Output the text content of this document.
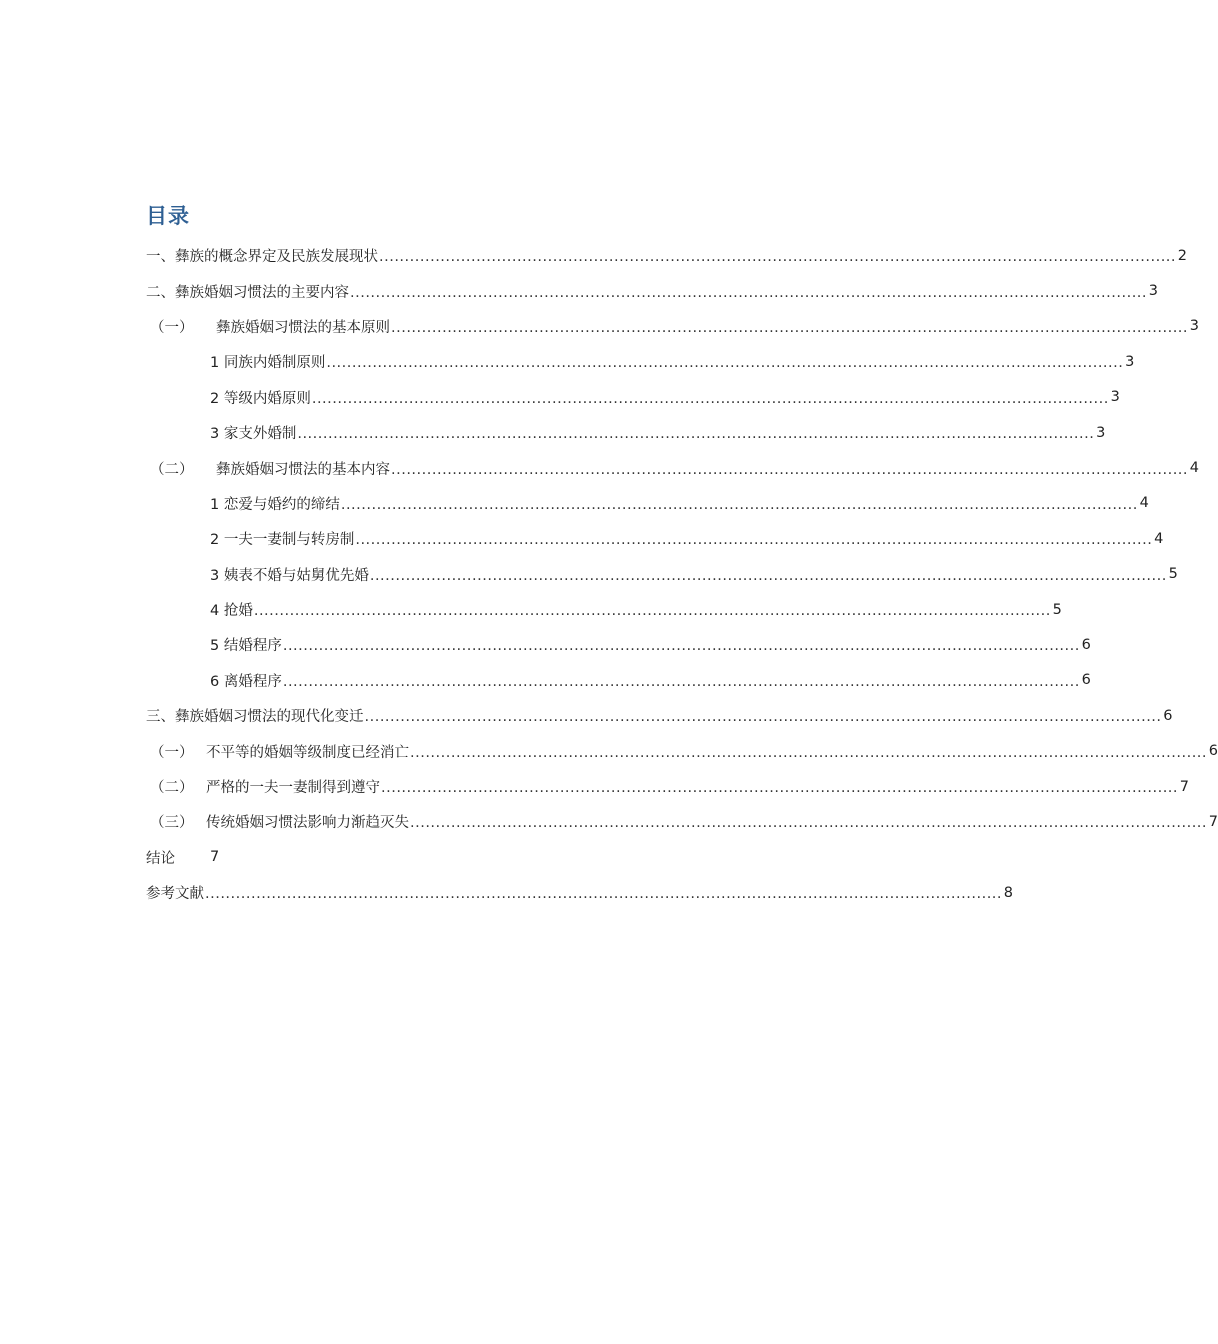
目录
一、彝族的概念界定及民族发展现状 ............................................................................................................................................................ 2
二、彝族婚姻习惯法的主要内容 ............................................................................................................................................................ 3
（一）	彝族婚姻习惯法的基本原则 ............................................................................................................................................................ 3
1 同族内婚制原则 ............................................................................................................................................................ 3
2 等级内婚原则 ............................................................................................................................................................ 3
3 家支外婚制 ............................................................................................................................................................ 3
（二）	彝族婚姻习惯法的基本内容 ............................................................................................................................................................ 4
1 恋爱与婚约的缔结 ............................................................................................................................................................ 4
2 一夫一妻制与转房制 ............................................................................................................................................................ 4
3 姨表不婚与姑舅优先婚 ............................................................................................................................................................ 5
4 抢婚 ............................................................................................................................................................ 5
5 结婚程序 ............................................................................................................................................................ 6
6 离婚程序 ............................................................................................................................................................ 6
三、彝族婚姻习惯法的现代化变迁 ............................................................................................................................................................ 6
（一） 不平等的婚姻等级制度已经消亡 ............................................................................................................................................................ 6
（二） 严格的一夫一妻制得到遵守 ............................................................................................................................................................ 7
（三） 传统婚姻习惯法影响力渐趋灭失 ............................................................................................................................................................ 7
结论	7
参考文献 ............................................................................................................................................................ 8
